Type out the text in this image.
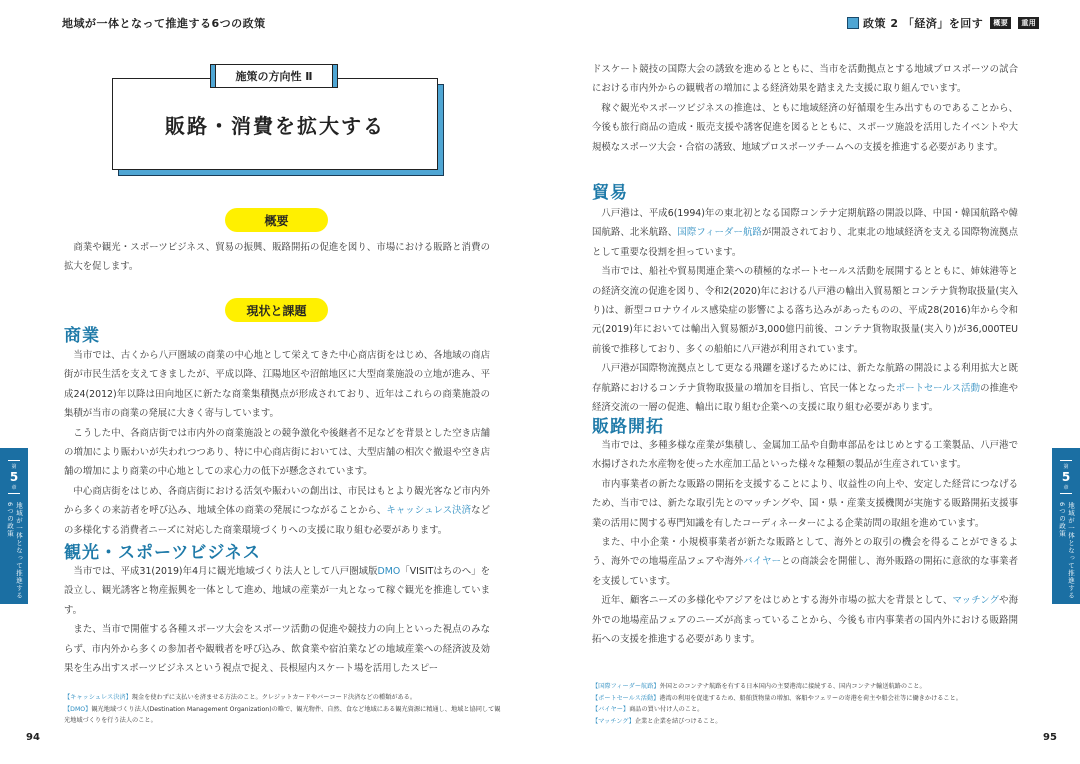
地域が一体となって推進する6つの政策
販路・消費を拡大する
施策の方向性 Ⅱ
概要

商業や観光・スポーツビジネス、貿易の振興、販路開拓の促進を図り、市場における販路と消費の拡大を促します。

現状と課題
商業

当市では、古くから八戸圏域の商業の中心地として栄えてきた中心商店街をはじめ、各地域の商店街が市民生活を支えてきましたが、平成以降、江陽地区や沼館地区に大型商業施設の立地が進み、平成24(2012)年以降は田向地区に新たな商業集積拠点が形成されており、近年はこれらの商業施設の集積が当市の商業の発展に大きく寄与しています。

こうした中、各商店街では市内外の商業施設との競争激化や後継者不足などを背景とした空き店舗の増加により賑わいが失われつつあり、特に中心商店街においては、大型店舗の相次ぐ撤退や空き店舗の増加により商業の中心地としての求心力の低下が懸念されています。

中心商店街をはじめ、各商店街における活気や賑わいの創出は、市民はもとより観光客など市内外から多くの来訪者を呼び込み、地域全体の商業の発展につながることから、キャッシュレス決済などの多様化する消費者ニーズに対応した商業環境づくりへの支援に取り組む必要があります。

観光・スポーツビジネス

当市では、平成31(2019)年4月に観光地域づくり法人として八戸圏域版DMO「VISITはちのへ」を設立し、観光誘客と物産振興を一体として進め、地域の産業が一丸となって稼ぐ観光を推進しています。

また、当市で開催する各種スポーツ大会をスポーツ活動の促進や競技力の向上といった視点のみならず、市内外から多くの参加者や観戦者を呼び込み、飲食業や宿泊業などの地域産業への経済波及効果を生み出すスポーツビジネスという視点で捉え、長根屋内スケート場を活用したスピー

【キャッシュレス決済】現金を使わずに支払いを済ませる方法のこと。クレジットカードやバーコード決済などの種類がある。
【DMO】観光地域づくり法人(Destination Management Organization)の略で、観光物件、自然、食など地域にある観光資源に精通し、地域と協同して観光地域づくりを行う法人のこと。
第
5
章
地域が一体となって推進する6つの政策
94
政策 2 「経済」を回す	概要	重用

ドスケート競技の国際大会の誘致を進めるとともに、当市を活動拠点とする地域プロスポーツの試合における市内外からの観戦者の増加による経済効果を踏まえた支援に取り組んでいます。

稼ぐ観光やスポーツビジネスの推進は、ともに地域経済の好循環を生み出すものであることから、今後も旅行商品の造成・販売支援や誘客促進を図るとともに、スポーツ施設を活用したイベントや大規模なスポーツ大会・合宿の誘致、地域プロスポーツチームへの支援を推進する必要があります。

貿易

八戸港は、平成6(1994)年の東北初となる国際コンテナ定期航路の開設以降、中国・韓国航路や韓国航路、北米航路、国際フィーダー航路が開設されており、北東北の地域経済を支える国際物流拠点として重要な役割を担っています。

当市では、船社や貿易関連企業への積極的なポートセールス活動を展開するとともに、姉妹港等との経済交流の促進を図り、令和2(2020)年における八戸港の輸出入貿易額とコンテナ貨物取扱量(実入り)は、新型コロナウイルス感染症の影響による落ち込みがあったものの、平成28(2016)年から令和元(2019)年においては輸出入貿易額が3,000億円前後、コンテナ貨物取扱量(実入り)が36,000TEU前後で推移しており、多くの船舶に八戸港が利用されています。

八戸港が国際物流拠点として更なる飛躍を遂げるためには、新たな航路の開設による利用拡大と既存航路におけるコンテナ貨物取扱量の増加を目指し、官民一体となったポートセールス活動の推進や経済交流の一層の促進、輸出に取り組む企業への支援に取り組む必要があります。

販路開拓

当市では、多種多様な産業が集積し、金属加工品や自動車部品をはじめとする工業製品、八戸港で水揚げされた水産物を使った水産加工品といった様々な種類の製品が生産されています。

市内事業者の新たな販路の開拓を支援することにより、収益性の向上や、安定した経営につなげるため、当市では、新たな取引先とのマッチングや、国・県・産業支援機関が実施する販路開拓支援事業の活用に関する専門知識を有したコーディネーターによる企業訪問の取組を進めています。

また、中小企業・小規模事業者が新たな販路として、海外との取引の機会を得ることができるよう、海外での地場産品フェアや海外バイヤーとの商談会を開催し、海外販路の開拓に意欲的な事業者を支援しています。

近年、顧客ニーズの多様化やアジアをはじめとする海外市場の拡大を背景として、マッチングや海外での地場産品フェアのニーズが高まっていることから、今後も市内事業者の国内外における販路開拓への支援を推進する必要があります。

【国際フィーダー航路】外国とのコンテナ航路を有する日本国内の主要港湾に接続する、国内コンテナ輸送航路のこと。
【ポートセールス活動】港湾の利用を促進するため、船舶貨物量の増加、客船やフェリーの寄港を荷主や船会社等に働きかけること。
【バイヤー】商品の買い付け人のこと。
【マッチング】企業と企業を結びつけること。
第
5
章
地域が一体となって推進する6つの政策
95
